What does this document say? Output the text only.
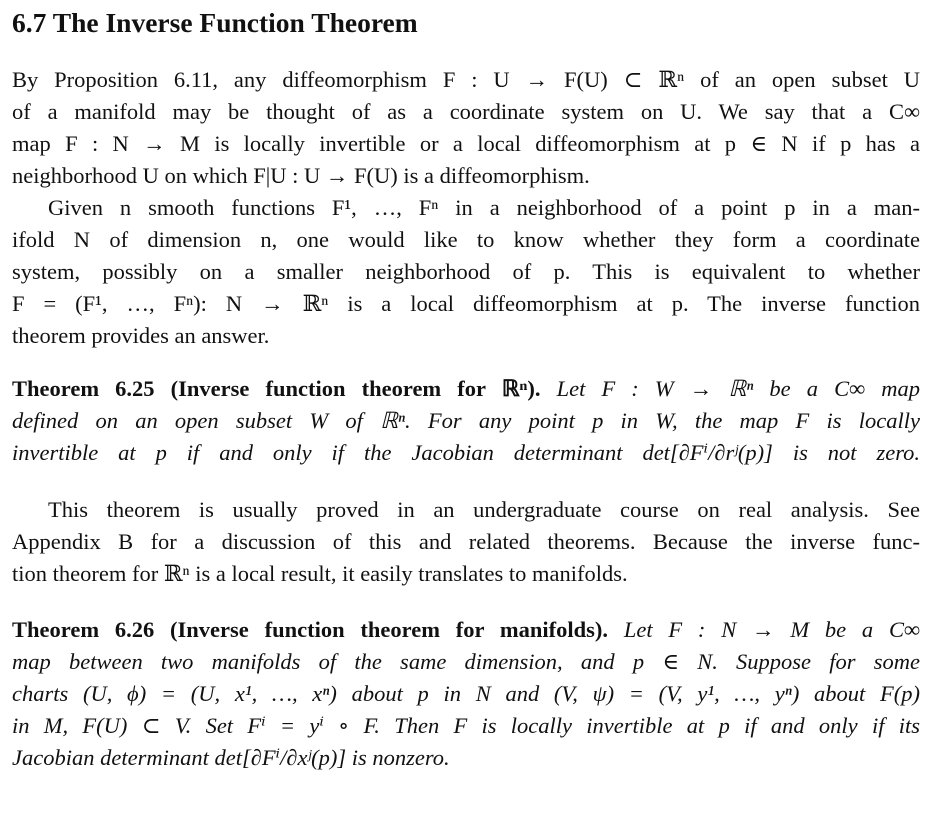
6.7 The Inverse Function Theorem

By Proposition 6.11, any diffeomorphism F : U → F(U) ⊂ ℝⁿ of an open subset U
of a manifold may be thought of as a coordinate system on U. We say that a C∞
map F : N → M is locally invertible or a local diffeomorphism at p ∈ N if p has a
neighborhood U on which F|U : U → F(U) is a diffeomorphism.

Given n smooth functions F¹, …, Fⁿ in a neighborhood of a point p in a man-
ifold N of dimension n, one would like to know whether they form a coordinate
system, possibly on a smaller neighborhood of p. This is equivalent to whether
F = (F¹, …, Fⁿ): N → ℝⁿ is a local diffeomorphism at p. The inverse function
theorem provides an answer.

Theorem 6.25 (Inverse function theorem for ℝⁿ). Let F : W → ℝⁿ be a C∞ map
defined on an open subset W of ℝⁿ. For any point p in W, the map F is locally
invertible at p if and only if the Jacobian determinant det[∂Fⁱ/∂rʲ(p)] is not zero.

This theorem is usually proved in an undergraduate course on real analysis. See
Appendix B for a discussion of this and related theorems. Because the inverse func-
tion theorem for ℝⁿ is a local result, it easily translates to manifolds.

Theorem 6.26 (Inverse function theorem for manifolds). Let F : N → M be a C∞
map between two manifolds of the same dimension, and p ∈ N. Suppose for some
charts (U, ϕ) = (U, x¹, …, xⁿ) about p in N and (V, ψ) = (V, y¹, …, yⁿ) about F(p)
in M, F(U) ⊂ V. Set Fⁱ = yⁱ ∘ F. Then F is locally invertible at p if and only if its
Jacobian determinant det[∂Fⁱ/∂xʲ(p)] is nonzero.
